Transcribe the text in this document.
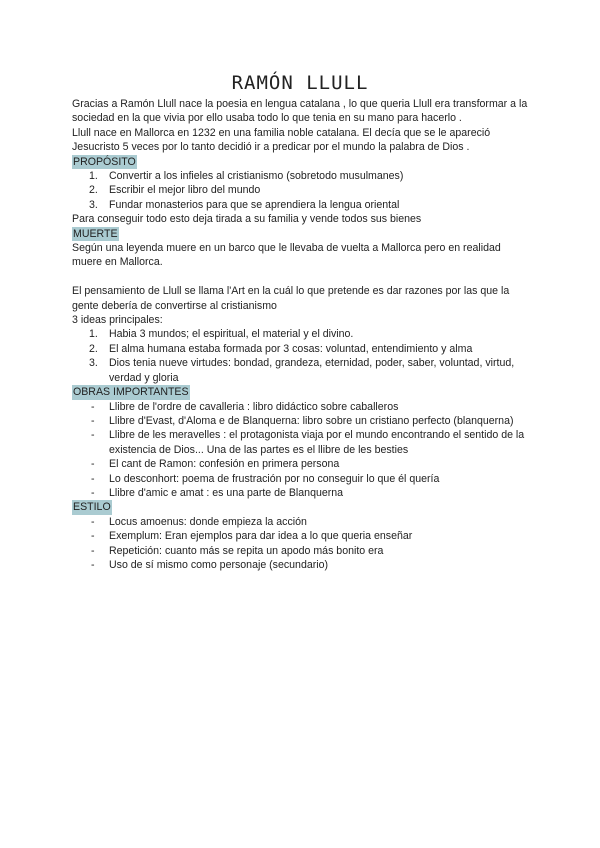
RAMÓN LLULL

Gracias a Ramón Llull nace la poesia en lengua catalana , lo que queria Llull era transformar a la sociedad en la que vivia por ello usaba todo lo que tenia en su mano para hacerlo .

Llull nace en Mallorca en 1232 en una familia noble catalana. El decía que se le apareció Jesucristo 5 veces por lo tanto decidió ir a predicar por el mundo la palabra de Dios .

PROPÓSITO
1. Convertir a los infieles al cristianismo (sobretodo musulmanes)
2. Escribir el mejor libro del mundo
3. Fundar monasterios para que se aprendiera la lengua oriental

Para conseguir todo esto deja tirada a su familia y vende todos sus bienes

MUERTE

Según una leyenda muere en un barco que le llevaba de vuelta a Mallorca pero en realidad muere en Mallorca.

El pensamiento de Llull se llama l'Art en la cuál lo que pretende es dar razones por las que la gente debería de convertirse al cristianismo

3 ideas principales:

1. Habia 3 mundos; el espiritual, el material y el divino.
2. El alma humana estaba formada por 3 cosas: voluntad, entendimiento y alma
3. Dios tenia nueve virtudes: bondad, grandeza, eternidad, poder, saber, voluntad, virtud, verdad y gloria
OBRAS IMPORTANTES
- Llibre de l'ordre de cavalleria : libro didáctico sobre caballeros
- Llibre d'Evast, d'Aloma e de Blanquerna: libro sobre un cristiano perfecto (blanquerna)
- Llibre de les meravelles : el protagonista viaja por el mundo encontrando el sentido de la existencia de Dios... Una de las partes es el llibre de les besties
- El cant de Ramon: confesión en primera persona
- Lo desconhort: poema de frustración por no conseguir lo que él quería
- Llibre d'amic e amat : es una parte de Blanquerna
ESTILO
- Locus amoenus: donde empieza la acción
- Exemplum: Eran ejemplos para dar idea a lo que queria enseñar
- Repetición: cuanto más se repita un apodo más bonito era
- Uso de sí mismo como personaje (secundario)
